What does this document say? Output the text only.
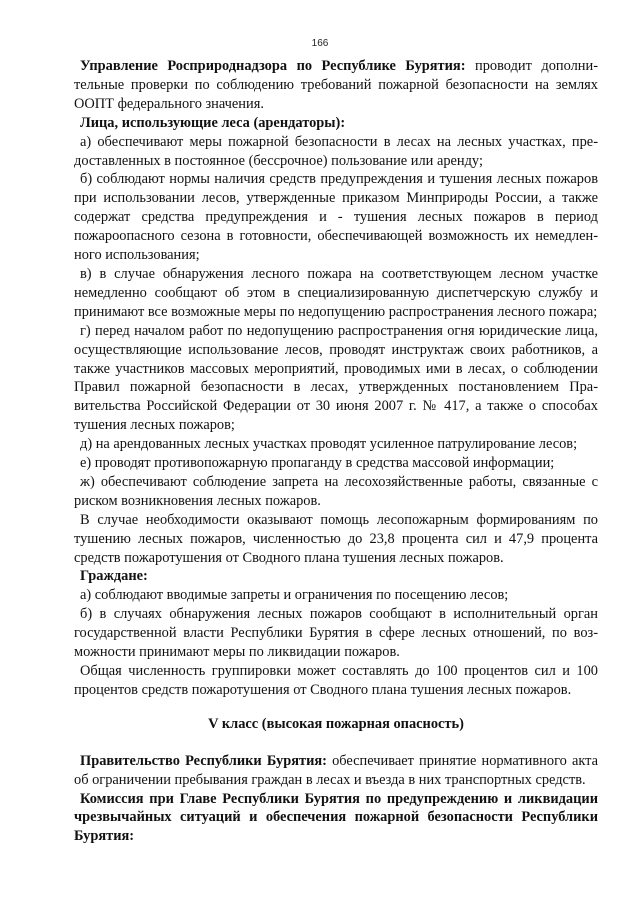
166

Управление Росприроднадзора по Республике Бурятия: проводит дополнительные проверки по соблюдению требований пожарной безопасности на землях ООПТ федерального значения.

Лица, использующие леса (арендаторы):

а) обеспечивают меры пожарной безопасности в лесах на лесных участках, предоставленных в постоянное (бессрочное) пользование или аренду;

б) соблюдают нормы наличия средств предупреждения и тушения лесных пожаров при использовании лесов, утвержденные приказом Минприроды России, а также содержат средства предупреждения и - тушения лесных пожаров в период пожароопасного сезона в готовности, обеспечивающей возможность их немедленного использования;

в) в случае обнаружения лесного пожара на соответствующем лесном участке немедленно сообщают об этом в специализированную диспетчерскую службу и принимают все возможные меры по недопущению распространения лесного пожара;

г) перед началом работ по недопущению распространения огня юридические лица, осуществляющие использование лесов, проводят инструктаж своих работников, а также участников массовых мероприятий, проводимых ими в лесах, о соблюдении Правил пожарной безопасности в лесах, утвержденных постановлением Правительства Российской Федерации от 30 июня 2007 г. № 417, а также о способах тушения лесных пожаров;

д) на арендованных лесных участках проводят усиленное патрулирование лесов;

е) проводят противопожарную пропаганду в средства массовой информации;

ж) обеспечивают соблюдение запрета на лесохозяйственные работы, связанные с риском возникновения лесных пожаров.

В случае необходимости оказывают помощь лесопожарным формированиям по тушению лесных пожаров, численностью до 23,8 процента сил и 47,9 процента средств пожаротушения от Сводного плана тушения лесных пожаров.

Граждане:

а) соблюдают вводимые запреты и ограничения по посещению лесов;

б) в случаях обнаружения лесных пожаров сообщают в исполнительный орган государственной власти Республики Бурятия в сфере лесных отношений, по возможности принимают меры по ликвидации пожаров.

Общая численность группировки может составлять до 100 процентов сил и 100 процентов средств пожаротушения от Сводного плана тушения лесных пожаров.

V класс (высокая пожарная опасность)

Правительство Республики Бурятия: обеспечивает принятие нормативного акта об ограничении пребывания граждан в лесах и въезда в них транспортных средств.

Комиссия при Главе Республики Бурятия по предупреждению и ликвидации чрезвычайных ситуаций и обеспечения пожарной безопасности Республики Бурятия:
